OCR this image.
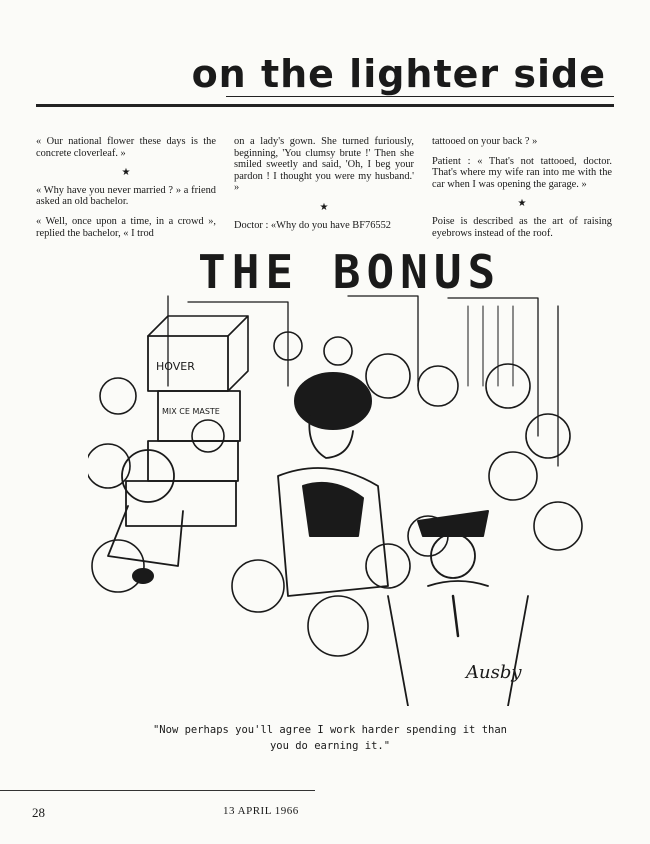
on the lighter side

« Our national flower these days is the concrete cloverleaf. »

★

« Why have you never married ? » a friend asked an old bachelor.

« Well, once upon a time, in a crowd », replied the bachelor, « I trod

on a lady's gown. She turned furiously, beginning, 'You clumsy brute !' Then she smiled sweetly and said, 'Oh, I beg your pardon ! I thought you were my husband.' »

★

Doctor : «Why do you have BF76552

tattooed on your back ? »

Patient : « That's not tattooed, doctor. That's where my wife ran into me with the car when I was opening the garage. »

★

Poise is described as the art of raising eyebrows instead of the roof.

THE BONUS
HOVER
MIX CE MASTE
Ausby
"Now perhaps you'll agree I work harder spending it than
you do earning it."
28	13 APRIL 1966
